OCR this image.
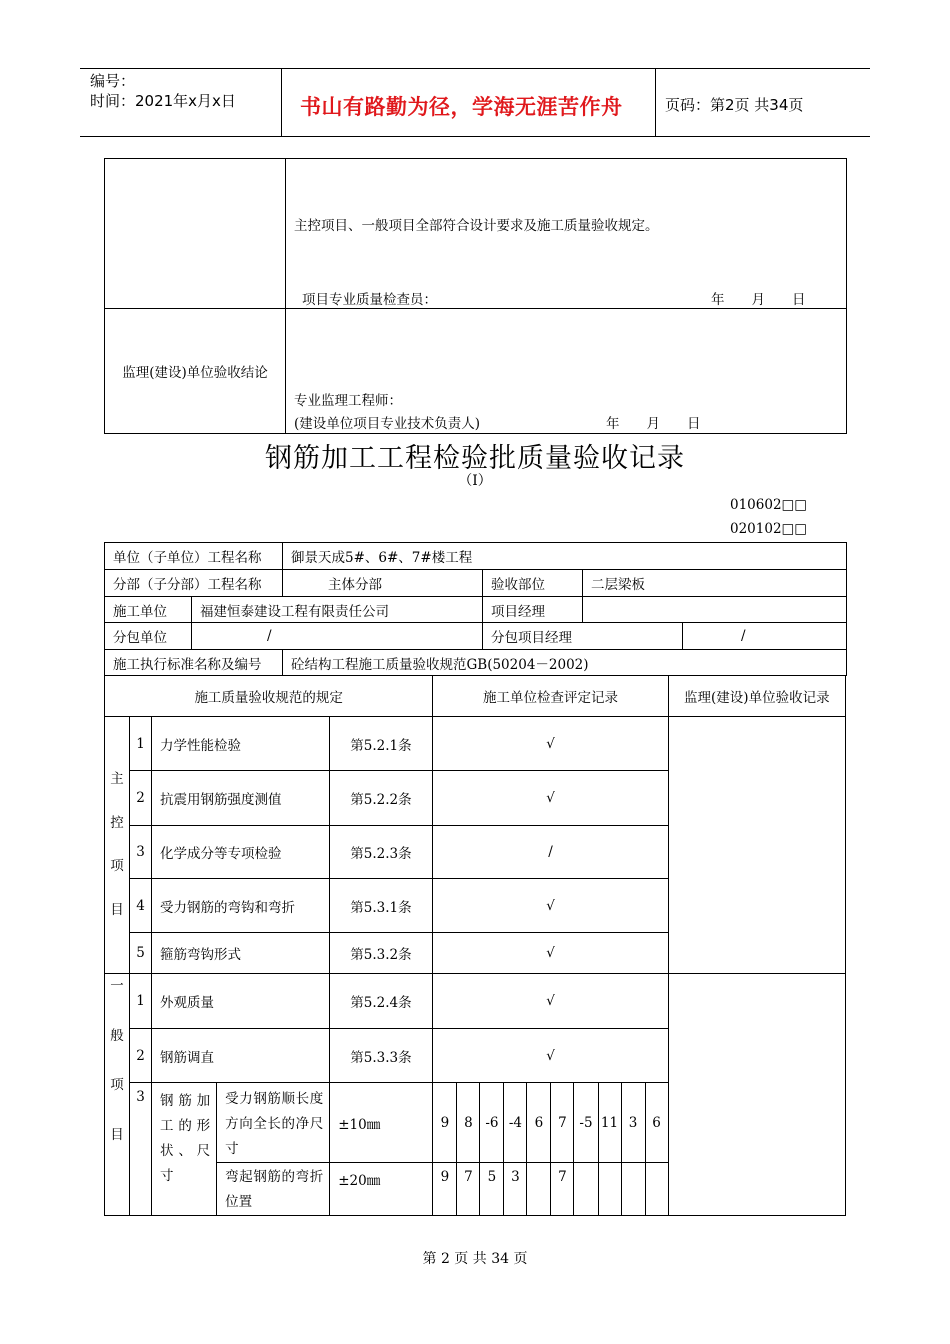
编号：
时间：2021年x月x日	书山有路勤为径，学海无涯苦作舟	页码：第2页 共34页

	主控项目、一般项目全部符合设计要求及施工质量验收规定。
项目专业质量检查员： 年　　月　　日

监理(建设)单位验收结论	专业监理工程师：
(建设单位项目专业技术负责人) 年　　月　　日
钢筋加工工程检验批质量验收记录
（Ⅰ）
010602□□
020102□□
单位（子单位）工程名称		御景天成5#、6#、7#楼工程			
分部（子分部）工程名称		主体分部	验收部位	二层梁板	
施工单位	福建恒泰建设工程有限责任公司		项目经理		
分包单位	/		分包项目经理		/
施工执行标准名称及编号		砼结构工程施工质量验收规范GB(50204－2002)			
施工质量验收规范的规定					施工单位检查评定记录										监理(建设)单位验收记录

主
控
项
目	1	力学性能检验		第5.2.1条	√										
	2	抗震用钢筋强度测值		第5.2.2条	√										
	3	化学成分等专项检验		第5.2.3条	/										
	4	受力钢筋的弯钩和弯折		第5.3.1条	√										
	5	箍筋弯钩形式		第5.3.2条	√										

一
般
项
目	1	外观质量		第5.2.4条	√										
	2	钢筋调直		第5.3.3条	√										
	3	钢筋加工的形状、尺寸	受力钢筋顺长度方向全长的净尺寸	±10㎜	9	8	-6	-4	6	7	-5	11	3	6	
			弯起钢筋的弯折位置	±20㎜	9	7	5	3		7					
第 2 页 共 34 页
